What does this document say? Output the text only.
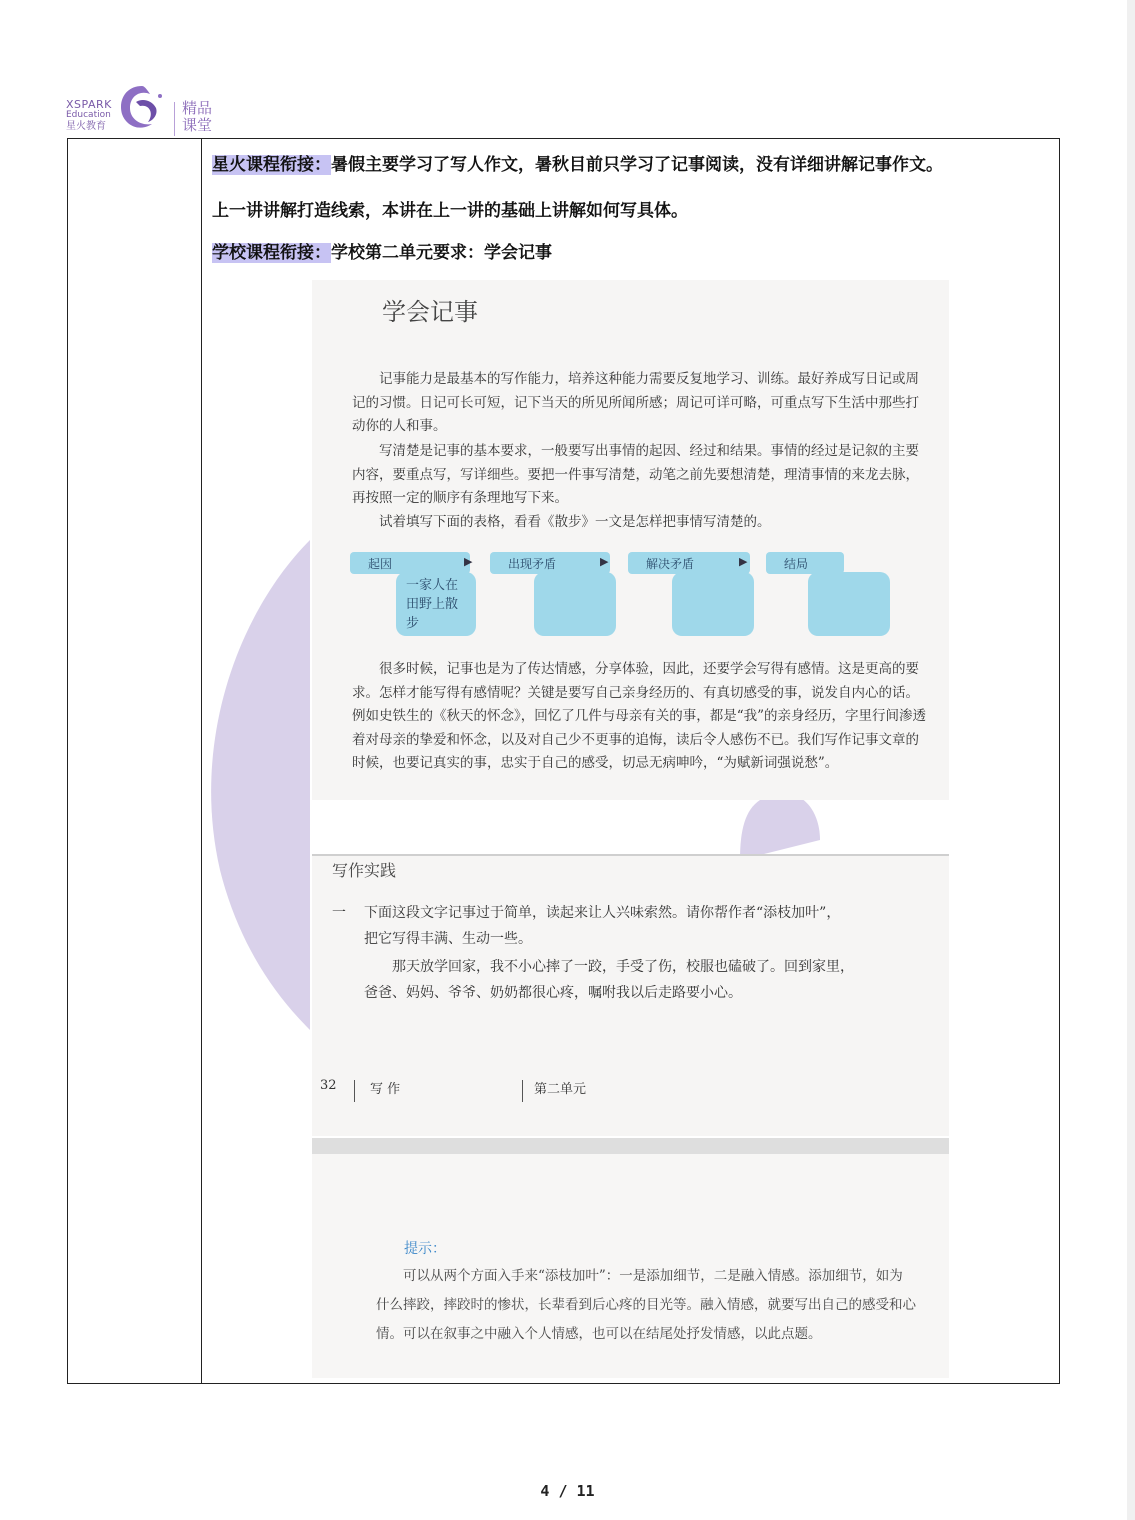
XSPARK
Education
星火教育
精品课堂
星火课程衔接：暑假主要学习了写人作文，暑秋目前只学习了记事阅读，没有详细讲解记事作文。
上一讲讲解打造线索，本讲在上一讲的基础上讲解如何写具体。
学校课程衔接：学校第二单元要求：学会记事
学会记事
记事能力是最基本的写作能力，培养这种能力需要反复地学习、训练。最好养成写日记或周记的习惯。日记可长可短，记下当天的所见所闻所感；周记可详可略，可重点写下生活中那些打动你的人和事。
写清楚是记事的基本要求，一般要写出事情的起因、经过和结果。事情的经过是记叙的主要内容，要重点写，写详细些。要把一件事写清楚，动笔之前先要想清楚，理清事情的来龙去脉，再按照一定的顺序有条理地写下来。
试着填写下面的表格，看看《散步》一文是怎样把事情写清楚的。
起因	▶
一家人在田野上散步
出现矛盾	▶	解决矛盾	▶	结局
很多时候，记事也是为了传达情感，分享体验，因此，还要学会写得有感情。这是更高的要求。怎样才能写得有感情呢？关键是要写自己亲身经历的、有真切感受的事，说发自内心的话。例如史铁生的《秋天的怀念》，回忆了几件与母亲有关的事，都是“我”的亲身经历，字里行间渗透着对母亲的挚爱和怀念，以及对自己少不更事的追悔，读后令人感伤不已。我们写作记事文章的时候，也要记真实的事，忠实于自己的感受，切忌无病呻吟，“为赋新词强说愁”。
写作实践
一 下面这段文字记事过于简单，读起来让人兴味索然。请你帮作者“添枝加叶”，
把它写得丰满、生动一些。
那天放学回家，我不小心摔了一跤，手受了伤，校服也磕破了。回到家里，
爸爸、妈妈、爷爷、奶奶都很心疼，嘱咐我以后走路要小心。
32	写 作	第二单元
提示：
可以从两个方面入手来“添枝加叶”：一是添加细节，二是融入情感。添加细节，如为什么摔跤，摔跤时的惨状，长辈看到后心疼的目光等。融入情感，就要写出自己的感受和心情。可以在叙事之中融入个人情感，也可以在结尾处抒发情感，以此点题。
4 / 11
